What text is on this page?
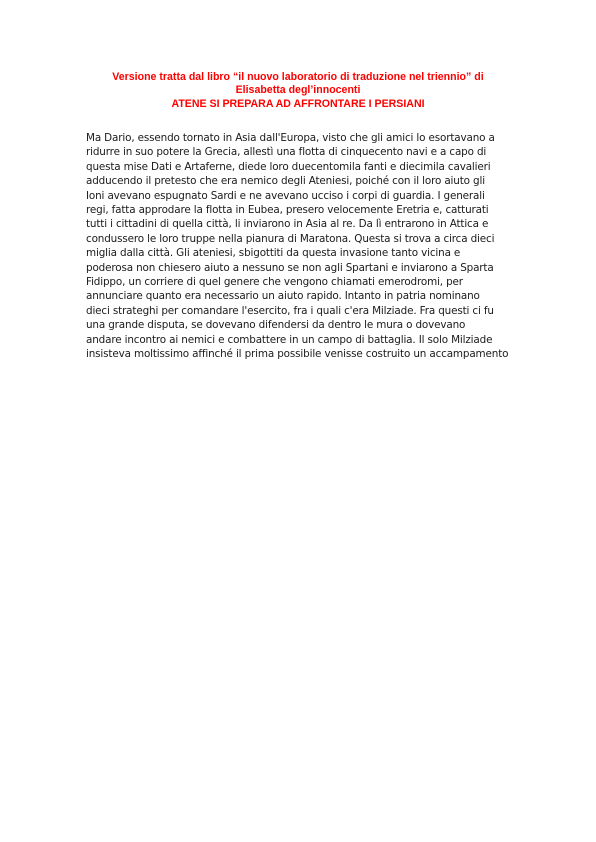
Versione tratta dal libro “il nuovo laboratorio di traduzione nel triennio” di
Elisabetta degl’innocenti
ATENE SI PREPARA AD AFFRONTARE I PERSIANI
Ma Dario, essendo tornato in Asia dall'Europa, visto che gli amici lo esortavano a
ridurre in suo potere la Grecia, allestì una flotta di cinquecento navi e a capo di
questa mise Dati e Artaferne, diede loro duecentomila fanti e diecimila cavalieri
adducendo il pretesto che era nemico degli Ateniesi, poiché con il loro aiuto gli
Ioni avevano espugnato Sardi e ne avevano ucciso i corpi di guardia. I generali
regi, fatta approdare la flotta in Eubea, presero velocemente Eretria e, catturati
tutti i cittadini di quella città, li inviarono in Asia al re. Da lì entrarono in Attica e
condussero le loro truppe nella pianura di Maratona. Questa si trova a circa dieci
miglia dalla città. Gli ateniesi, sbigottiti da questa invasione tanto vicina e
poderosa non chiesero aiuto a nessuno se non agli Spartani e inviarono a Sparta
Fidippo, un corriere di quel genere che vengono chiamati emerodromi, per
annunciare quanto era necessario un aiuto rapido. Intanto in patria nominano
dieci strateghi per comandare l'esercito, fra i quali c'era Milziade. Fra questi ci fu
una grande disputa, se dovevano difendersi da dentro le mura o dovevano
andare incontro ai nemici e combattere in un campo di battaglia. Il solo Milziade
insisteva moltissimo affinché il prima possibile venisse costruito un accampamento
